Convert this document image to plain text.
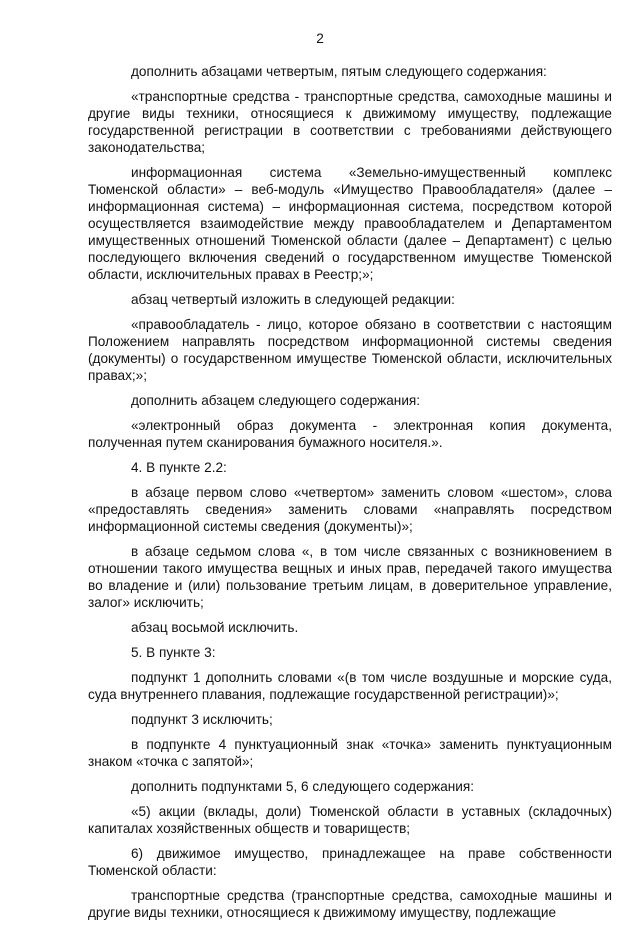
2

дополнить абзацами четвертым, пятым следующего содержания:

«транспортные средства - транспортные средства, самоходные машины и другие виды техники, относящиеся к движимому имуществу, подлежащие государственной регистрации в соответствии с требованиями действующего законодательства;

информационная система «Земельно-имущественный комплекс Тюменской области» – веб-модуль «Имущество Правообладателя» (далее – информационная система) – информационная система, посредством которой осуществляется взаимодействие между правообладателем и Департаментом имущественных отношений Тюменской области (далее – Департамент) с целью последующего включения сведений о государственном имуществе Тюменской области, исключительных правах в Реестр;»;

абзац четвертый изложить в следующей редакции:

«правообладатель - лицо, которое обязано в соответствии с настоящим Положением направлять посредством информационной системы сведения (документы) о государственном имуществе Тюменской области, исключительных правах;»;

дополнить абзацем следующего содержания:

«электронный образ документа - электронная копия документа, полученная путем сканирования бумажного носителя.».

4. В пункте 2.2:

в абзаце первом слово «четвертом» заменить словом «шестом», слова «предоставлять сведения» заменить словами «направлять посредством информационной системы сведения (документы)»;

в абзаце седьмом слова «, в том числе связанных с возникновением в отношении такого имущества вещных и иных прав, передачей такого имущества во владение и (или) пользование третьим лицам, в доверительное управление, залог» исключить;

абзац восьмой исключить.

5. В пункте 3:

подпункт 1 дополнить словами «(в том числе воздушные и морские суда, суда внутреннего плавания, подлежащие государственной регистрации)»;

подпункт 3 исключить;

в подпункте 4 пунктуационный знак «точка» заменить пунктуационным знаком «точка с запятой»;

дополнить подпунктами 5, 6 следующего содержания:

«5) акции (вклады, доли) Тюменской области в уставных (складочных) капиталах хозяйственных обществ и товариществ;

6) движимое имущество, принадлежащее на праве собственности Тюменской области:

транспортные средства (транспортные средства, самоходные машины и другие виды техники, относящиеся к движимому имуществу, подлежащие
